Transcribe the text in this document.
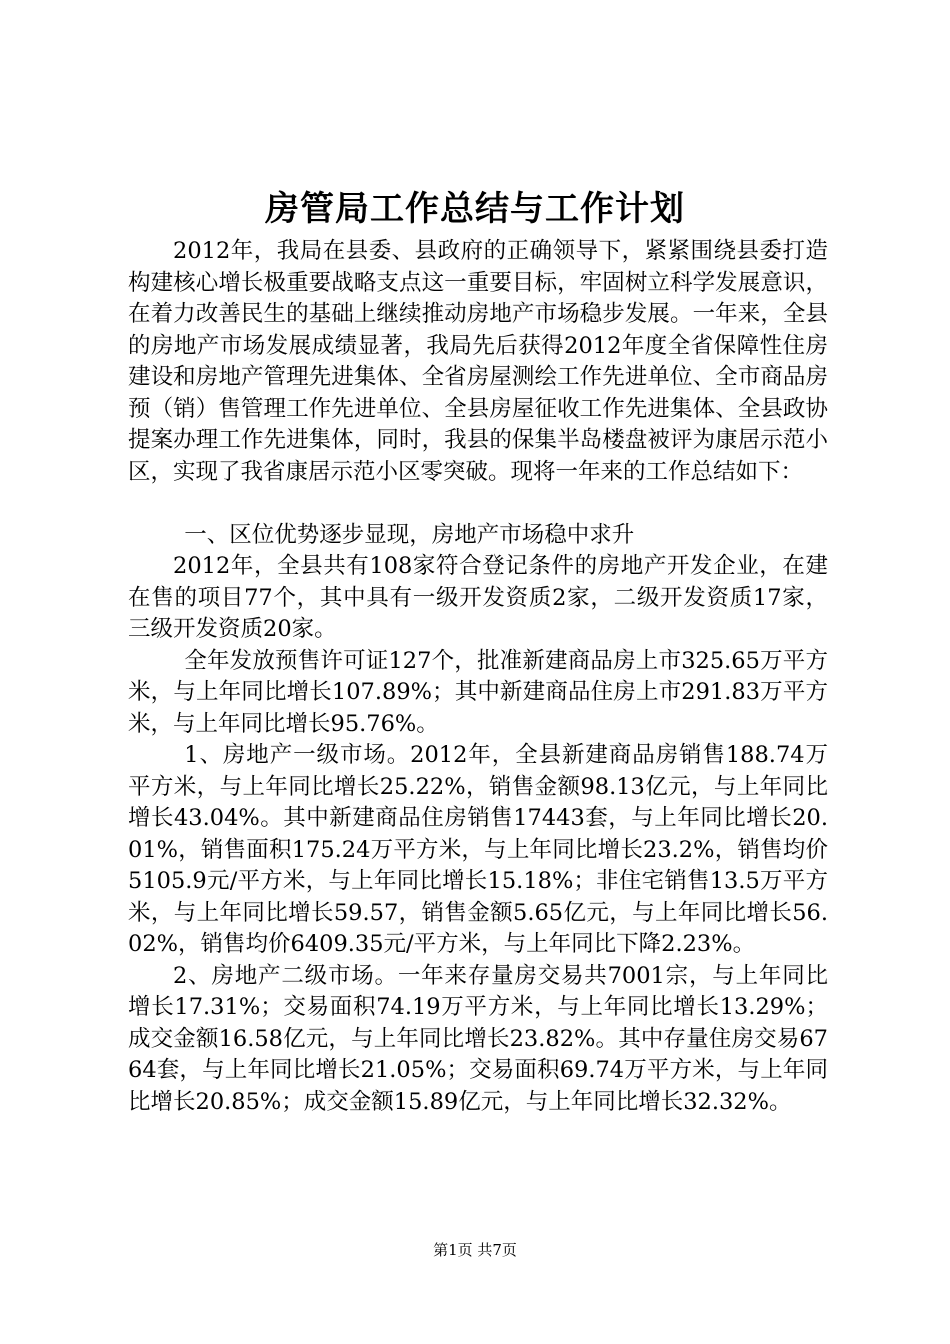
房管局工作总结与工作计划

2012年，我局在县委、县政府的正确领导下，紧紧围绕县委打造构建核心增长极重要战略支点这一重要目标，牢固树立科学发展意识，在着力改善民生的基础上继续推动房地产市场稳步发展。一年来，全县的房地产市场发展成绩显著，我局先后获得2012年度全省保障性住房建设和房地产管理先进集体、全省房屋测绘工作先进单位、全市商品房预（销）售管理工作先进单位、全县房屋征收工作先进集体、全县政协提案办理工作先进集体，同时，我县的保集半岛楼盘被评为康居示范小区，实现了我省康居示范小区零突破。现将一年来的工作总结如下：

一、区位优势逐步显现，房地产市场稳中求升

2012年，全县共有108家符合登记条件的房地产开发企业，在建在售的项目77个，其中具有一级开发资质2家，二级开发资质17家，三级开发资质20家。

全年发放预售许可证127个，批准新建商品房上市325.65万平方米，与上年同比增长107.89%；其中新建商品住房上市291.83万平方米，与上年同比增长95.76%。

1、房地产一级市场。2012年，全县新建商品房销售188.74万平方米，与上年同比增长25.22%，销售金额98.13亿元，与上年同比增长43.04%。其中新建商品住房销售17443套，与上年同比增长20.01%，销售面积175.24万平方米，与上年同比增长23.2%，销售均价5105.9元/平方米，与上年同比增长15.18%；非住宅销售13.5万平方米，与上年同比增长59.57，销售金额5.65亿元，与上年同比增长56.02%，销售均价6409.35元/平方米，与上年同比下降2.23%。

2、房地产二级市场。一年来存量房交易共7001宗，与上年同比增长17.31%；交易面积74.19万平方米，与上年同比增长13.29%；成交金额16.58亿元，与上年同比增长23.82%。其中存量住房交易6764套，与上年同比增长21.05%；交易面积69.74万平方米，与上年同比增长20.85%；成交金额15.89亿元，与上年同比增长32.32%。

第1页 共7页
